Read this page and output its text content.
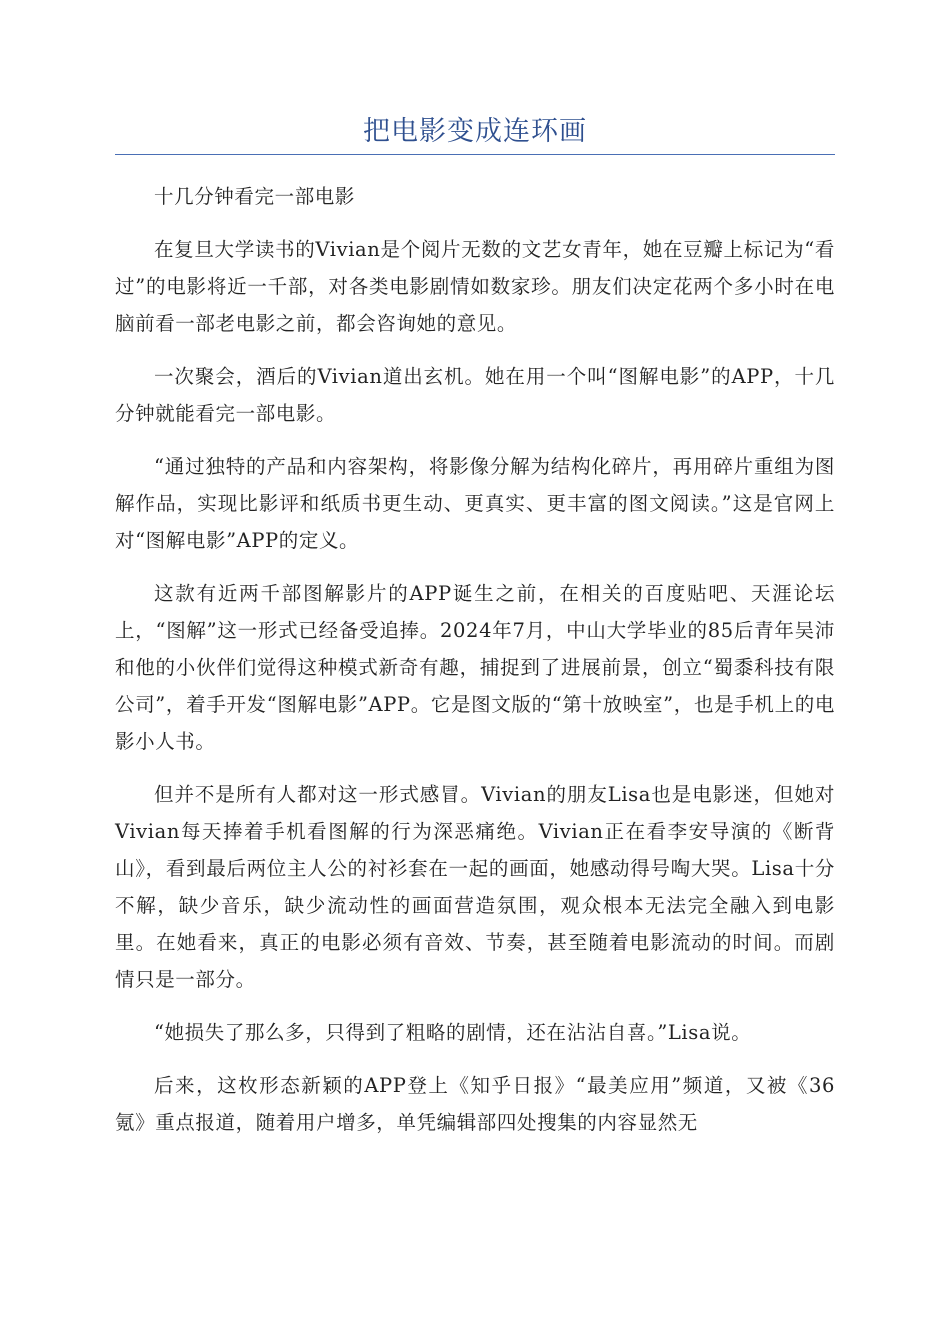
把电影变成连环画

十几分钟看完一部电影

在复旦大学读书的Vivian是个阅片无数的文艺女青年，她在豆瓣上标记为“看过”的电影将近一千部，对各类电影剧情如数家珍。朋友们决定花两个多小时在电脑前看一部老电影之前，都会咨询她的意见。

一次聚会，酒后的Vivian道出玄机。她在用一个叫“图解电影”的APP，十几分钟就能看完一部电影。

“通过独特的产品和内容架构，将影像分解为结构化碎片，再用碎片重组为图解作品，实现比影评和纸质书更生动、更真实、更丰富的图文阅读。”这是官网上对“图解电影”APP的定义。

这款有近两千部图解影片的APP诞生之前，在相关的百度贴吧、天涯论坛上，“图解”这一形式已经备受追捧。2024年7月，中山大学毕业的85后青年吴沛和他的小伙伴们觉得这种模式新奇有趣，捕捉到了进展前景，创立“蜀黍科技有限公司”，着手开发“图解电影”APP。它是图文版的“第十放映室”，也是手机上的电影小人书。

但并不是所有人都对这一形式感冒。Vivian的朋友Lisa也是电影迷，但她对Vivian每天捧着手机看图解的行为深恶痛绝。Vivian正在看李安导演的《断背山》，看到最后两位主人公的衬衫套在一起的画面，她感动得号啕大哭。Lisa十分不解，缺少音乐，缺少流动性的画面营造氛围，观众根本无法完全融入到电影里。在她看来，真正的电影必须有音效、节奏，甚至随着电影流动的时间。而剧情只是一部分。

“她损失了那么多，只得到了粗略的剧情，还在沾沾自喜。”Lisa说。

后来，这枚形态新颖的APP登上《知乎日报》“最美应用”频道，又被《36氪》重点报道，随着用户增多，单凭编辑部四处搜集的内容显然无
